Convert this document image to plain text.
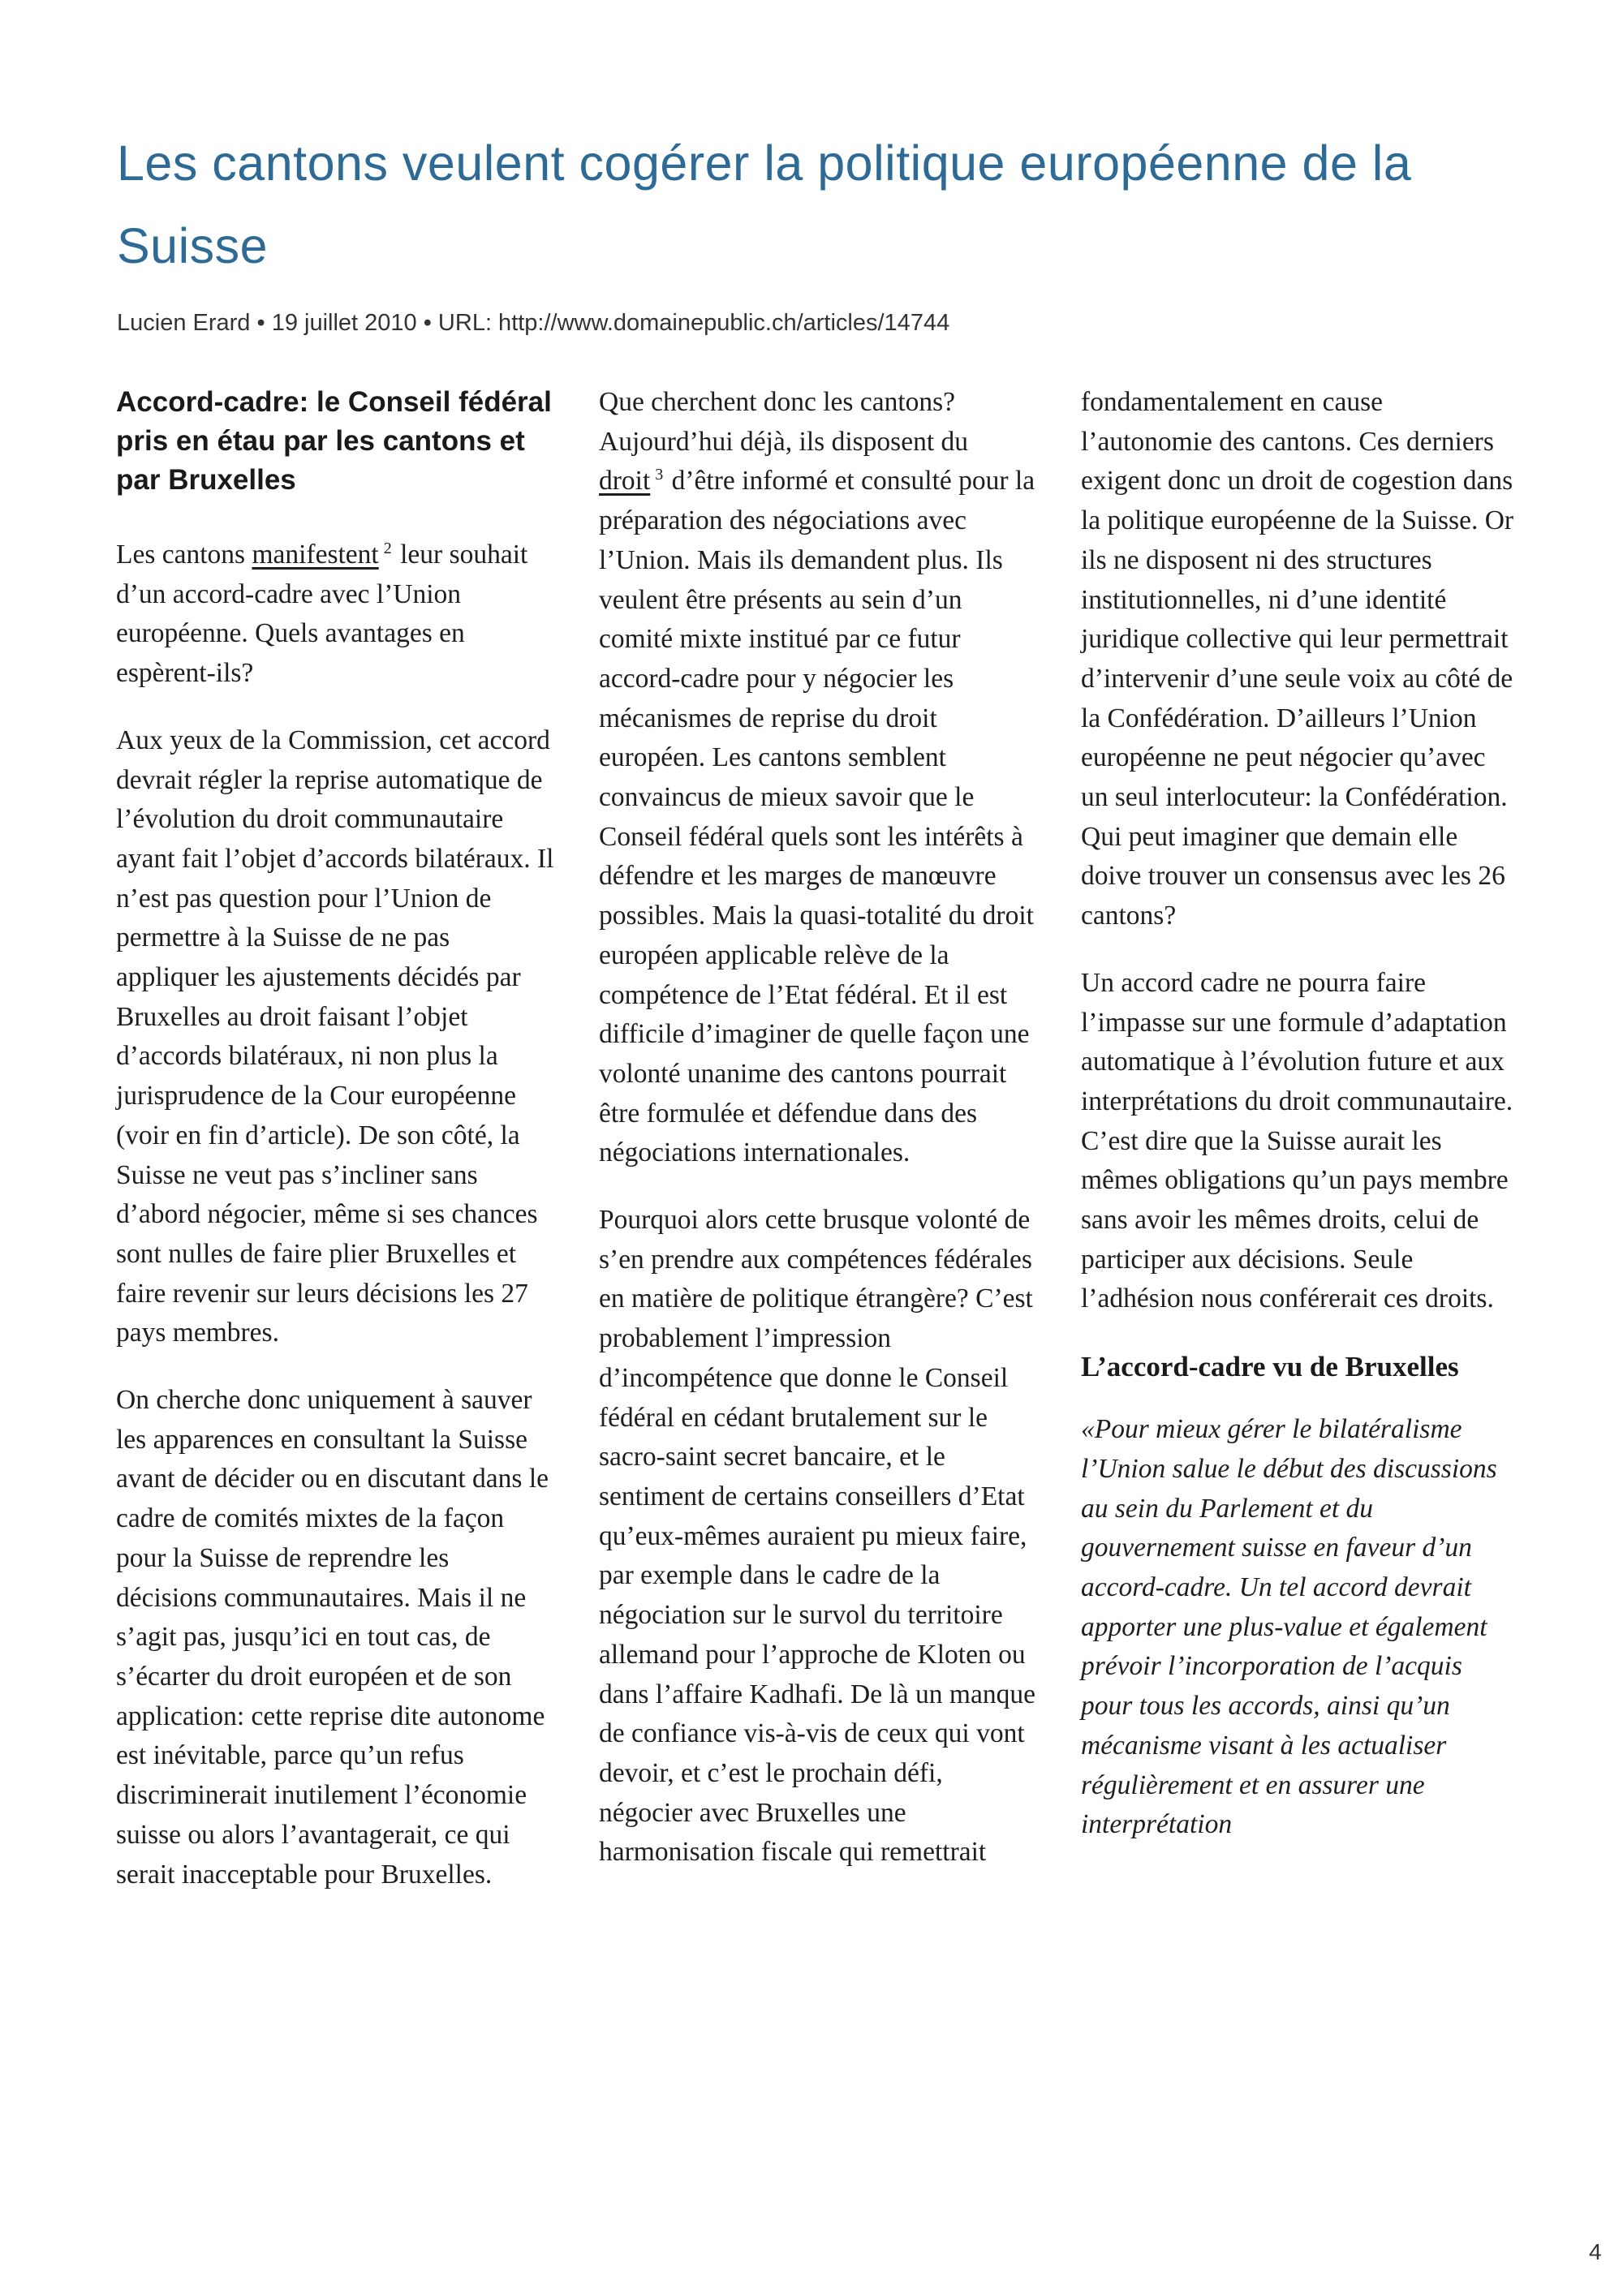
Les cantons veulent cogérer la politique européenne de la Suisse
Lucien Erard • 19 juillet 2010 • URL: http://www.domainepublic.ch/articles/14744
Accord-cadre: le Conseil fédéral pris en étau par les cantons et par Bruxelles

Les cantons manifestent $^2$ leur souhait d’un accord-cadre avec l’Union européenne. Quels avantages en espèrent-ils?

Aux yeux de la Commission, cet accord devrait régler la reprise automatique de l’évolution du droit communautaire ayant fait l’objet d’accords bilatéraux. Il n’est pas question pour l’Union de permettre à la Suisse de ne pas appliquer les ajustements décidés par Bruxelles au droit faisant l’objet d’accords bilatéraux, ni non plus la jurisprudence de la Cour européenne (voir en fin d’article). De son côté, la Suisse ne veut pas s’incliner sans d’abord négocier, même si ses chances sont nulles de faire plier Bruxelles et faire revenir sur leurs décisions les 27 pays membres.

On cherche donc uniquement à sauver les apparences en consultant la Suisse avant de décider ou en discutant dans le cadre de comités mixtes de la façon pour la Suisse de reprendre les décisions communautaires. Mais il ne s’agit pas, jusqu’ici en tout cas, de s’écarter du droit européen et de son application: cette reprise dite autonome est inévitable, parce qu’un refus discriminerait inutilement l’économie suisse ou alors l’avantagerait, ce qui serait inacceptable pour Bruxelles.

Que cherchent donc les cantons? Aujourd’hui déjà, ils disposent du droit $^3$ d’être informé et consulté pour la préparation des négociations avec l’Union. Mais ils demandent plus. Ils veulent être présents au sein d’un comité mixte institué par ce futur accord-cadre pour y négocier les mécanismes de reprise du droit européen. Les cantons semblent convaincus de mieux savoir que le Conseil fédéral quels sont les intérêts à défendre et les marges de manœuvre possibles. Mais la quasi-totalité du droit européen applicable relève de la compétence de l’Etat fédéral. Et il est difficile d’imaginer de quelle façon une volonté unanime des cantons pourrait être formulée et défendue dans des négociations internationales.

Pourquoi alors cette brusque volonté de s’en prendre aux compétences fédérales en matière de politique étrangère? C’est probablement l’impression d’incompétence que donne le Conseil fédéral en cédant brutalement sur le sacro-saint secret bancaire, et le sentiment de certains conseillers d’Etat qu’eux-mêmes auraient pu mieux faire, par exemple dans le cadre de la négociation sur le survol du territoire allemand pour l’approche de Kloten ou dans l’affaire Kadhafi. De là un manque de confiance vis-à-vis de ceux qui vont devoir, et c’est le prochain défi, négocier avec Bruxelles une harmonisation fiscale qui remettrait

fondamentalement en cause l’autonomie des cantons. Ces derniers exigent donc un droit de cogestion dans la politique européenne de la Suisse. Or ils ne disposent ni des structures institutionnelles, ni d’une identité juridique collective qui leur permettrait d’intervenir d’une seule voix au côté de la Confédération. D’ailleurs l’Union européenne ne peut négocier qu’avec un seul interlocuteur: la Confédération. Qui peut imaginer que demain elle doive trouver un consensus avec les 26 cantons?

Un accord cadre ne pourra faire l’impasse sur une formule d’adaptation automatique à l’évolution future et aux interprétations du droit communautaire. C’est dire que la Suisse aurait les mêmes obligations qu’un pays membre sans avoir les mêmes droits, celui de participer aux décisions. Seule l’adhésion nous conférerait ces droits.

L’accord-cadre vu de Bruxelles

«Pour mieux gérer le bilatéralisme l’Union salue le début des discussions au sein du Parlement et du gouvernement suisse en faveur d’un accord-cadre. Un tel accord devrait apporter une plus-value et également prévoir l’incorporation de l’acquis pour tous les accords, ainsi qu’un mécanisme visant à les actualiser régulièrement et en assurer une interprétation

4
